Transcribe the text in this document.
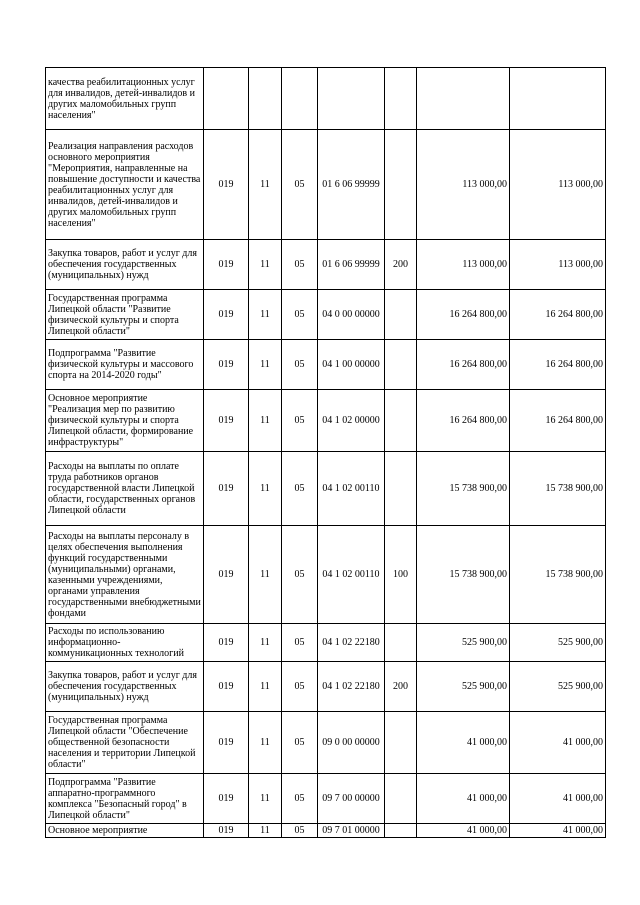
качества реабилитационных услуг для инвалидов, детей-инвалидов и других маломобильных групп населения"							
Реализация направления расходов основного мероприятия "Мероприятия, направленные на повышение доступности и качества реабилитационных услуг для инвалидов, детей-инвалидов и других маломобильных групп населения"	019	11	05	01 6 06 99999		113 000,00	113 000,00
Закупка товаров, работ и услуг для обеспечения государственных (муниципальных) нужд	019	11	05	01 6 06 99999	200	113 000,00	113 000,00
Государственная программа Липецкой области "Развитие физической культуры и спорта Липецкой области"	019	11	05	04 0 00 00000		16 264 800,00	16 264 800,00
Подпрограмма "Развитие физической культуры и массового спорта на 2014-2020 годы"	019	11	05	04 1 00 00000		16 264 800,00	16 264 800,00
Основное мероприятие "Реализация мер по развитию физической культуры и спорта Липецкой области, формирование инфраструктуры"	019	11	05	04 1 02 00000		16 264 800,00	16 264 800,00
Расходы на выплаты по оплате труда работников органов государственной власти Липецкой области, государственных органов Липецкой области	019	11	05	04 1 02 00110		15 738 900,00	15 738 900,00
Расходы на выплаты персоналу в целях обеспечения выполнения функций государственными (муниципальными) органами, казенными учреждениями, органами управления государственными внебюджетными фондами	019	11	05	04 1 02 00110	100	15 738 900,00	15 738 900,00
Расходы по использованию информационно-коммуникационных технологий	019	11	05	04 1 02 22180		525 900,00	525 900,00
Закупка товаров, работ и услуг для обеспечения государственных (муниципальных) нужд	019	11	05	04 1 02 22180	200	525 900,00	525 900,00
Государственная программа Липецкой области "Обеспечение общественной безопасности населения и территории Липецкой области"	019	11	05	09 0 00 00000		41 000,00	41 000,00
Подпрограмма "Развитие аппаратно-программного комплекса "Безопасный город" в Липецкой области"	019	11	05	09 7 00 00000		41 000,00	41 000,00
Основное мероприятие	019	11	05	09 7 01 00000		41 000,00	41 000,00
